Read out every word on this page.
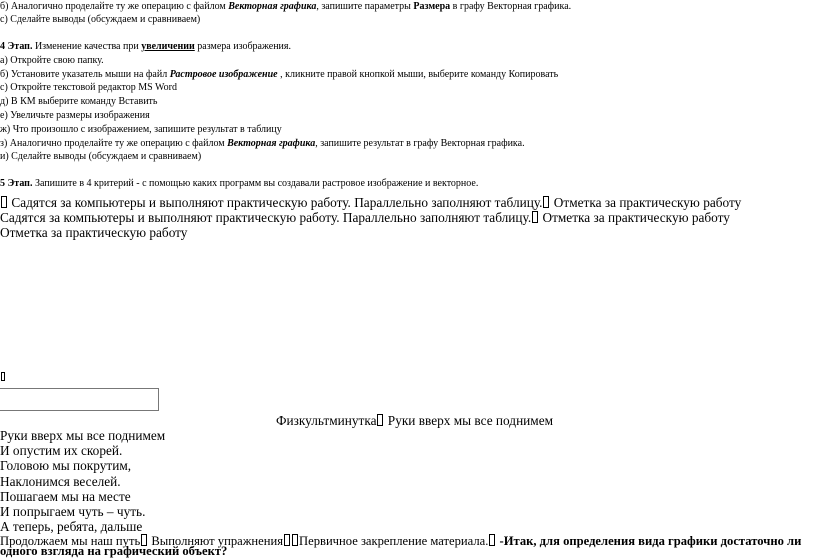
б) Аналогично проделайте ту же операцию с файлом Векторная графика, запишите параметры Размера в графу Векторная графика.
с) Сделайте выводы (обсуждаем и сравниваем)
4 Этап. Изменение качества при увеличении размера изображения.
а) Откройте свою папку.
б) Установите указатель мыши на файл Растровое изображение , кликните правой кнопкой мыши, выберите команду Копировать
с) Откройте текстовой редактор MS Word
д) В КМ выберите команду Вставить
е) Увеличьте размеры изображения
ж) Что произошло с изображением, запишите результат в таблицу
з) Аналогично проделайте ту же операцию с файлом Векторная графика, запишите результат в графу Векторная графика.
и) Сделайте выводы (обсуждаем и сравниваем)
5 Этап. Запишите в 4 критерий - с помощью каких программ вы создавали растровое изображение и векторное.
Садятся за компьютеры и выполняют практическую работу. Параллельно заполняют таблицу. Отметка за практическую работу
Садятся за компьютеры и выполняют практическую работу. Параллельно заполняют таблицу. Отметка за практическую работу
Отметка за практическую работу
Физкультминутка Руки вверх мы все поднимем
Руки вверх мы все поднимем
И опустим их скорей.
Головою мы покрутим,
Наклонимся веселей.
Пошагаем мы на месте
И попрыгаем чуть – чуть.
А теперь, ребята, дальше
Продолжаем мы наш путь Выполняют упражнения Первичное закрепление материала. -Итак, для определения вида графики достаточно ли
одного взгляда на графический объект?
